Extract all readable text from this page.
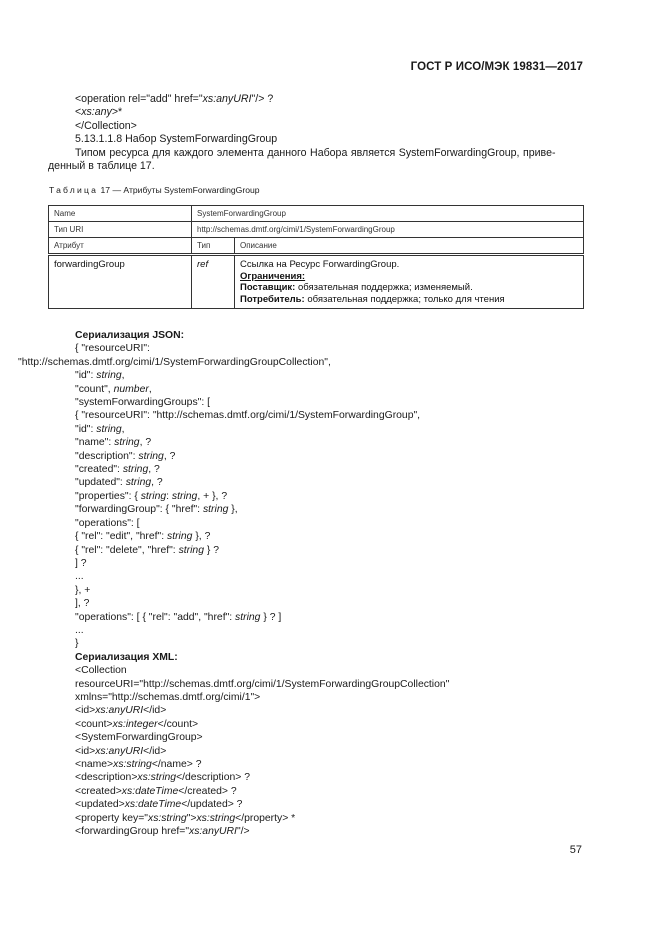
ГОСТ Р ИСО/МЭК 19831—2017
<operation rel="add" href="xs:anyURI"/> ?
<xs:any>*
</Collection>
5.13.1.1.8 Набор SystemForwardingGroup
Типом ресурса для каждого элемента данного Набора является SystemForwardingGroup, приве-
денный в таблице 17.
Таблица 17 — Атрибуты SystemForwardingGroup
Name	SystemForwardingGroup	
Тип URI	http://schemas.dmtf.org/cimi/1/SystemForwardingGroup	
Атрибут	Тип	Описание
forwardingGroup	ref	Ссылка на Ресурс ForwardingGroup.
Ограничения:
Поставщик: обязательная поддержка; изменяемый.
Потребитель: обязательная поддержка; только для чтения
Сериализация JSON:
{ "resourceURI":
"http://schemas.dmtf.org/cimi/1/SystemForwardingGroupCollection",
"id": string,
"count", number,
"systemForwardingGroups": [
{ "resourceURI": "http://schemas.dmtf.org/cimi/1/SystemForwardingGroup",
"id": string,
"name": string, ?
"description": string, ?
"created": string, ?
"updated": string, ?
"properties": { string: string, + }, ?
"forwardingGroup": { "href": string },
"operations": [
{ "rel": "edit", "href": string }, ?
{ "rel": "delete", "href": string } ?
] ?
...
}, +
], ?
"operations": [ { "rel": "add", "href": string } ? ]
...
}
Сериализация XML:
<Collection
resourceURI="http://schemas.dmtf.org/cimi/1/SystemForwardingGroupCollection"
xmlns="http://schemas.dmtf.org/cimi/1">
<id>xs:anyURI</id>
<count>xs:integer</count>
<SystemForwardingGroup>
<id>xs:anyURI</id>
<name>xs:string</name> ?
<description>xs:string</description> ?
<created>xs:dateTime</created> ?
<updated>xs:dateTime</updated> ?
<property key="xs:string">xs:string</property> *
<forwardingGroup href="xs:anyURI"/>
57
